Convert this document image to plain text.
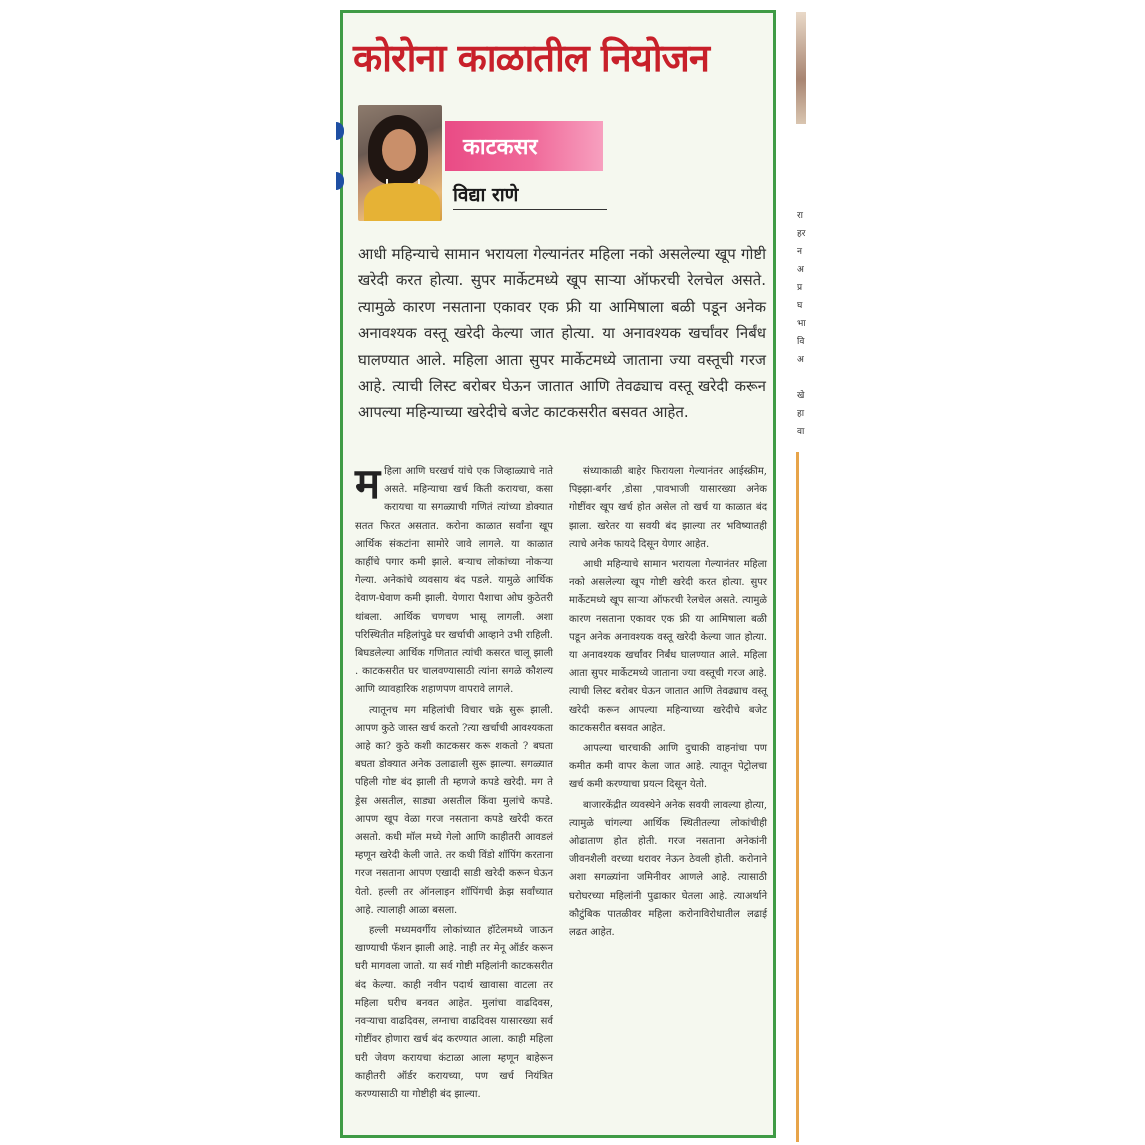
कोरोना काळातील नियोजन
काटकसर
विद्या राणे

आधी महिन्याचे सामान भरायला गेल्यानंतर महिला नको असलेल्या खूप गोष्टी खरेदी करत होत्या. सुपर मार्केटमध्ये खूप साऱ्या ऑफरची रेलचेल असते. त्यामुळे कारण नसताना एकावर एक फ्री या आमिषाला बळी पडून अनेक अनावश्यक वस्तू खरेदी केल्या जात होत्या. या अनावश्यक खर्चांवर निर्बंध घालण्यात आले. महिला आता सुपर मार्केटमध्ये जाताना ज्या वस्तूची गरज आहे. त्याची लिस्ट बरोबर घेऊन जातात आणि तेवढ्याच वस्तू खरेदी करून आपल्या महिन्याच्या खरेदीचे बजेट काटकसरीत बसवत आहेत.

महिला आणि घरखर्च यांचे एक जिव्हाळ्याचे नाते असते. महिन्याचा खर्च किती करायचा, कसा करायचा या सगळ्याची गणितं त्यांच्या डोक्यात सतत फिरत असतात. करोना काळात सर्वांना खूप आर्थिक संकटांना सामोरे जावे लागले. या काळात काहींचे पगार कमी झाले. बऱ्याच लोकांच्या नोकऱ्या गेल्या. अनेकांचे व्यवसाय बंद पडले. यामुळे आर्थिक देवाण-घेवाण कमी झाली. येणारा पैशाचा ओघ कुठेतरी थांबला. आर्थिक चणचण भासू लागली. अशा परिस्थितीत महिलांपुढे घर खर्चाची आव्हाने उभी राहिली. बिघडलेल्या आर्थिक गणितात त्यांची कसरत चालू झाली . काटकसरीत घर चालवण्यासाठी त्यांना सगळे कौशल्य आणि व्यावहारिक शहाणपण वापरावे लागले.

त्यातूनच मग महिलांची विचार चक्रे सुरू झाली. आपण कुठे जास्त खर्च करतो ?त्या खर्चाची आवश्यकता आहे का? कुठे कशी काटकसर करू शकतो ? बघता बघता डोक्यात अनेक उलाढाली सुरू झाल्या. सगळ्यात पहिली गोष्ट बंद झाली ती म्हणजे कपडे खरेदी. मग ते ड्रेस असतील, साड्या असतील किंवा मुलांचे कपडे. आपण खूप वेळा गरज नसताना कपडे खरेदी करत असतो. कधी मॉल मध्ये गेलो आणि काहीतरी आवडलं म्हणून खरेदी केली जाते. तर कधी विंडो शॉपिंग करताना गरज नसताना आपण एखादी साडी खरेदी करून घेऊन येतो. हल्ली तर ऑनलाइन शॉपिंगची क्रेझ सर्वांच्यात आहे. त्यालाही आळा बसला.

हल्ली मध्यमवर्गीय लोकांच्यात हॉटेलमध्ये जाऊन खाण्याची फॅशन झाली आहे. नाही तर मेनू ऑर्डर करून घरी मागवला जातो. या सर्व गोष्टी महिलांनी काटकसरीत बंद केल्या. काही नवीन पदार्थ खावासा वाटला तर महिला घरीच बनवत आहेत. मुलांचा वाढदिवस, नवऱ्याचा वाढदिवस, लग्नाचा वाढदिवस यासारख्या सर्व गोष्टींवर होणारा खर्च बंद करण्यात आला. काही महिला घरी जेवण करायचा कंटाळा आला म्हणून बाहेरून काहीतरी ऑर्डर करायच्या, पण खर्च नियंत्रित करण्यासाठी या गोष्टीही बंद झाल्या.

संध्याकाळी बाहेर फिरायला गेल्यानंतर आईस्क्रीम, पिझ्झा-बर्गर ,डोसा ,पावभाजी यासारख्या अनेक गोष्टींवर खूप खर्च होत असेल तो खर्च या काळात बंद झाला. खरेतर या सवयी बंद झाल्या तर भविष्यातही त्याचे अनेक फायदे दिसून येणार आहेत.

आधी महिन्याचे सामान भरायला गेल्यानंतर महिला नको असलेल्या खूप गोष्टी खरेदी करत होत्या. सुपर मार्केटमध्ये खूप साऱ्या ऑफरची रेलचेल असते. त्यामुळे कारण नसताना एकावर एक फ्री या आमिषाला बळी पडून अनेक अनावश्यक वस्तू खरेदी केल्या जात होत्या. या अनावश्यक खर्चांवर निर्बंध घालण्यात आले. महिला आता सुपर मार्केटमध्ये जाताना ज्या वस्तूची गरज आहे. त्याची लिस्ट बरोबर घेऊन जातात आणि तेवढ्याच वस्तू खरेदी करून आपल्या महिन्याच्या खरेदीचे बजेट काटकसरीत बसवत आहेत.

आपल्या चारचाकी आणि दुचाकी वाहनांचा पण कमीत कमी वापर केला जात आहे. त्यातून पेट्रोलचा खर्च कमी करण्याचा प्रयत्न दिसून येतो.

बाजारकेंद्रीत व्यवस्थेने अनेक सवयी लावल्या होत्या, त्यामुळे चांगल्या आर्थिक स्थितीतल्या लोकांचीही ओढाताण होत होती. गरज नसताना अनेकांनी जीवनशैली वरच्या थरावर नेऊन ठेवली होती. करोनाने अशा सगळ्यांना जमिनीवर आणले आहे. त्यासाठी घरोघरच्या महिलांनी पुढाकार घेतला आहे. त्याअर्थाने कौटुंबिक पातळीवर महिला करोनाविरोधातील लढाई लढत आहेत.

रा
हर
न
अ
प्र
घ
भा
वि
अ
खे
हा
वा
